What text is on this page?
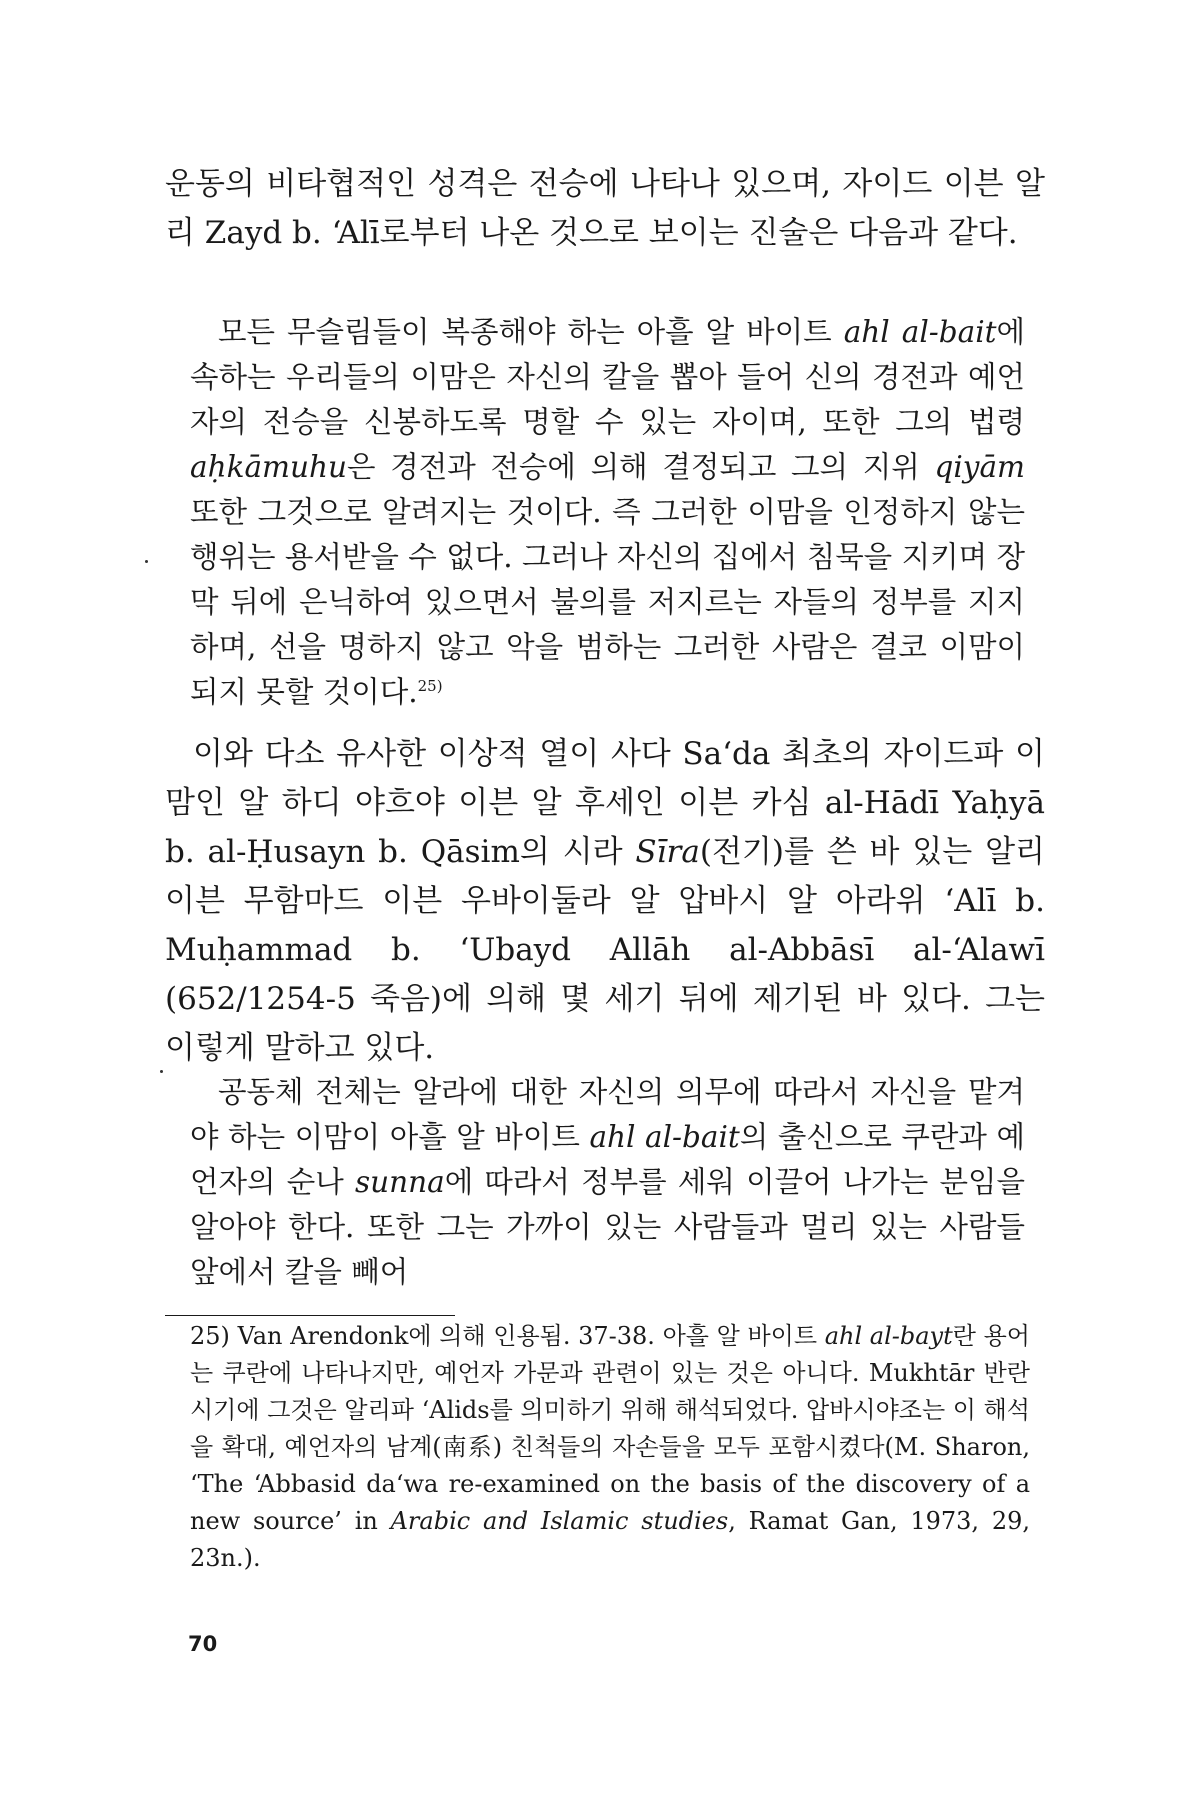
운동의 비타협적인 성격은 전승에 나타나 있으며, 자이드 이븐 알리 Zayd b. ‘Alī로부터 나온 것으로 보이는 진술은 다음과 같다.

모든 무슬림들이 복종해야 하는 아흘 알 바이트 ahl al-bait에 속하는 우리들의 이맘은 자신의 칼을 뽑아 들어 신의 경전과 예언자의 전승을 신봉하도록 명할 수 있는 자이며, 또한 그의 법령 aḥkāmuhu은 경전과 전승에 의해 결정되고 그의 지위 qiyām 또한 그것으로 알려지는 것이다. 즉 그러한 이맘을 인정하지 않는 행위는 용서받을 수 없다. 그러나 자신의 집에서 침묵을 지키며 장막 뒤에 은닉하여 있으면서 불의를 저지르는 자들의 정부를 지지하며, 선을 명하지 않고 악을 범하는 그러한 사람은 결코 이맘이 되지 못할 것이다.$^{25)}$

이와 다소 유사한 이상적 열이 사다 Sa‘da 최초의 자이드파 이맘인 알 하디 야흐야 이븐 알 후세인 이븐 카심 al-Hādī Yaḥyā b. al-Ḥusayn b. Qāsim의 시라 Sīra(전기)를 쓴 바 있는 알리 이븐 무함마드 이븐 우바이둘라 알 압바시 알 아라위 ‘Alī b. Muḥammad b. ‘Ubayd Allāh al-Abbāsī al-‘Alawī (652/1254-5 죽음)에 의해 몇 세기 뒤에 제기된 바 있다. 그는 이렇게 말하고 있다.

공동체 전체는 알라에 대한 자신의 의무에 따라서 자신을 맡겨야 하는 이맘이 아흘 알 바이트 ahl al-bait의 출신으로 쿠란과 예언자의 순나 sunna에 따라서 정부를 세워 이끌어 나가는 분임을 알아야 한다. 또한 그는 가까이 있는 사람들과 멀리 있는 사람들 앞에서 칼을 빼어

25) Van Arendonk에 의해 인용됨. 37-38. 아흘 알 바이트 ahl al-bayt란 용어는 쿠란에 나타나지만, 예언자 가문과 관련이 있는 것은 아니다. Mukhtār 반란 시기에 그것은 알리파 ‘Alids를 의미하기 위해 해석되었다. 압바시야조는 이 해석을 확대, 예언자의 남계(南系) 친척들의 자손들을 모두 포함시켰다(M. Sharon, ‘The ‘Abbasid da‘wa re-examined on the basis of the discovery of a new source’ in Arabic and Islamic studies, Ramat Gan, 1973, 29, 23n.).

70
